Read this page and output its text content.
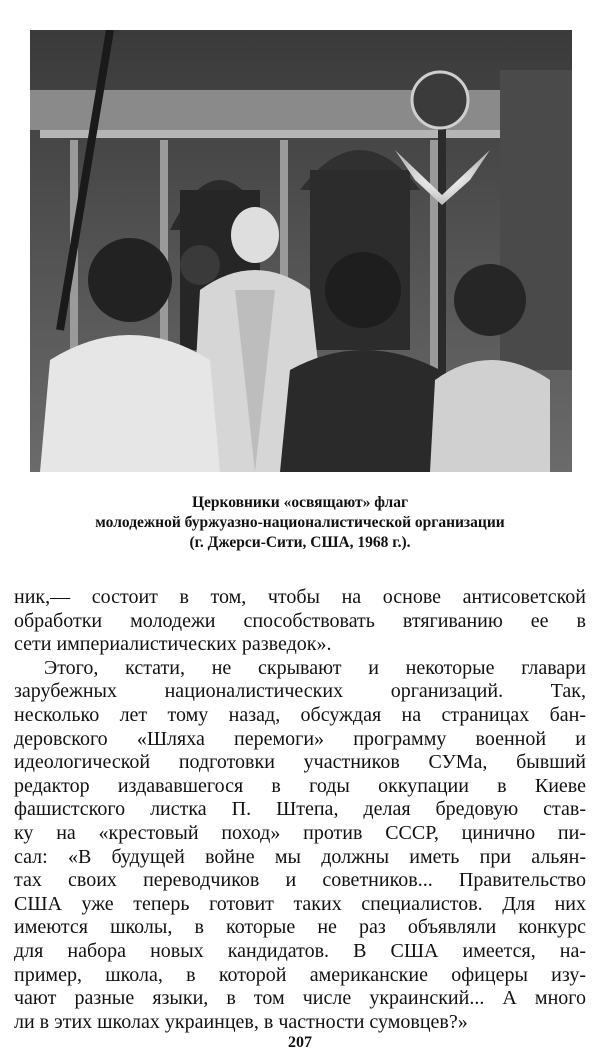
Церковники «освящают» флаг
молодежной буржуазно-националистической организации
(г. Джерси-Сити, США, 1968 г.).
ник,— состоит в том, чтобы на основе антисоветской
обработки молодежи способствовать втягиванию ее в
сети империалистических разведок».
Этого, кстати, не скрывают и некоторые главари
зарубежных националистических организаций. Так,
несколько лет тому назад, обсуждая на страницах бан-
деровского «Шляха перемоги» программу военной и
идеологической подготовки участников СУМа, бывший
редактор издававшегося в годы оккупации в Киеве
фашистского листка П. Штепа, делая бредовую став-
ку на «крестовый поход» против СССР, цинично пи-
сал: «В будущей войне мы должны иметь при альян-
тах своих переводчиков и советников... Правительство
США уже теперь готовит таких специалистов. Для них
имеются школы, в которые не раз объявляли конкурс
для набора новых кандидатов. В США имеется, на-
пример, школа, в которой американские офицеры изу-
чают разные языки, в том числе украинский... А много
ли в этих школах украинцев, в частности сумовцев?»
207
